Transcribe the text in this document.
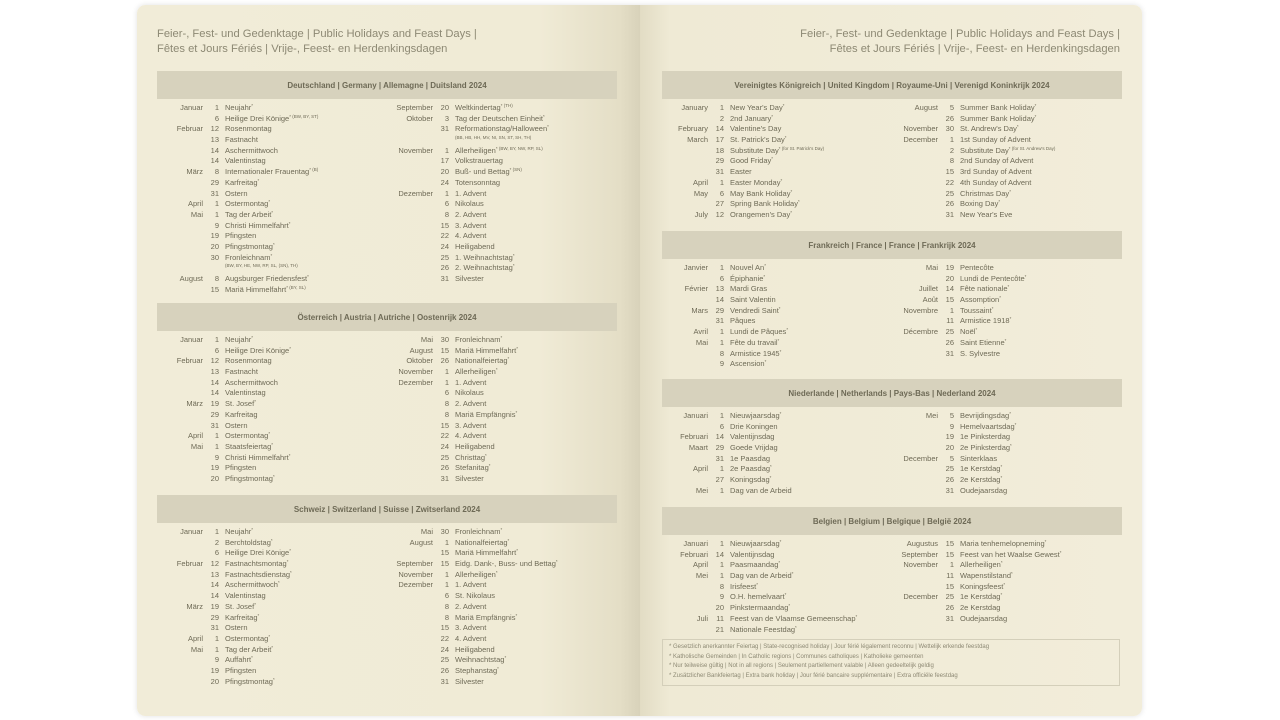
Feier-, Fest- und Gedenktage | Public Holidays and Feast Days |
Fêtes et Jours Fériés | Vrije-, Feest- en Herdenkingsdagen
Deutschland | Germany | Allemagne | Duitsland 2024
Januar	1 Neujahr*
6 Heilige Drei Könige$^{* (BW, BY, ST)}$
Februar	12 Rosenmontag
13 Fastnacht
14 Aschermittwoch
14 Valentinstag
März	8 Internationaler Frauentag$^{* (B)}$
29 Karfreitag*
31 Ostern
April	1 Ostermontag*
Mai	1 Tag der Arbeit*
9 Christi Himmelfahrt*
19 Pfingsten
20 Pfingstmontag*
30 Fronleichnam*
$^{(BW, BY, HE, NW, RP, SL, (SN), TH)}$
August	8 Augsburger Friedensfest*
15 Mariä Himmelfahrt$^{* (BY, SL)}$
September	20 Weltkindertag$^{* (TH)}$
Oktober	3 Tag der Deutschen Einheit*
31 Reformationstag/Halloween*
$^{(BB, HB, HH, MV, NI, SN, ST, SH, TH)}$
November	1 Allerheiligen$^{* (BW, BY, NW, RP, SL)}$
17 Volkstrauertag
20 Buß- und Bettag$^{* (SN)}$
24 Totensonntag
Dezember	1 1. Advent
6 Nikolaus
8 2. Advent
15 3. Advent
22 4. Advent
24 Heiligabend
25 1. Weihnachtstag*
26 2. Weihnachtstag*
31 Silvester
Österreich | Austria | Autriche | Oostenrijk 2024
Januar	1 Neujahr*
6 Heilige Drei Könige*
Februar	12 Rosenmontag
13 Fastnacht
14 Aschermittwoch
14 Valentinstag
März	19 St. Josef*
29 Karfreitag
31 Ostern
April	1 Ostermontag*
Mai	1 Staatsfeiertag*
9 Christi Himmelfahrt*
19 Pfingsten
20 Pfingstmontag*
Mai	30 Fronleichnam*
August	15 Mariä Himmelfahrt*
Oktober	26 Nationalfeiertag*
November	1 Allerheiligen*
Dezember	1 1. Advent
6 Nikolaus
8 2. Advent
8 Mariä Empfängnis*
15 3. Advent
22 4. Advent
24 Heiligabend
25 Christtag*
26 Stefanitag*
31 Silvester
Schweiz | Switzerland | Suisse | Zwitserland 2024
Januar	1 Neujahr*
2 Berchtoldstag*
6 Heilige Drei Könige*
Februar	12 Fastnachtsmontag*
13 Fastnachtsdienstag*
14 Aschermittwoch*
14 Valentinstag
März	19 St. Josef*
29 Karfreitag*
31 Ostern
April	1 Ostermontag*
Mai	1 Tag der Arbeit*
9 Auffahrt*
19 Pfingsten
20 Pfingstmontag*
Mai	30 Fronleichnam*
August	1 Nationalfeiertag*
15 Mariä Himmelfahrt*
September	15 Eidg. Dank-, Buss- und Bettag*
November	1 Allerheiligen*
Dezember	1 1. Advent
6 St. Nikolaus
8 2. Advent
8 Mariä Empfängnis*
15 3. Advent
22 4. Advent
24 Heiligabend
25 Weihnachtstag*
26 Stephanstag*
31 Silvester
Feier-, Fest- und Gedenktage | Public Holidays and Feast Days |
Fêtes et Jours Fériés | Vrije-, Feest- en Herdenkingsdagen
Vereinigtes Königreich | United Kingdom | Royaume-Uni | Verenigd Koninkrijk 2024
January	1 New Year's Day*
2 2nd January*
February	14 Valentine's Day
March	17 St. Patrick's Day*
18 Substitute Day$^{* (for St. Patrick's Day)}$
29 Good Friday*
31 Easter
April	1 Easter Monday*
May	6 May Bank Holiday*
27 Spring Bank Holiday*
July	12 Orangemen's Day*
August	5 Summer Bank Holiday*
26 Summer Bank Holiday*
November	30 St. Andrew's Day*
December	1 1st Sunday of Advent
2 Substitute Day$^{* (for St. Andrew's Day)}$
8 2nd Sunday of Advent
15 3rd Sunday of Advent
22 4th Sunday of Advent
25 Christmas Day*
26 Boxing Day*
31 New Year's Eve
Frankreich | France | France | Frankrijk 2024
Janvier	1 Nouvel An*
6 Épiphanie*
Février	13 Mardi Gras
14 Saint Valentin
Mars	29 Vendredi Saint*
31 Pâques
Avril	1 Lundi de Pâques*
Mai	1 Fête du travail*
8 Armistice 1945*
9 Ascension*
Mai	19 Pentecôte
20 Lundi de Pentecôte*
Juillet	14 Fête nationale*
Août	15 Assomption*
Novembre	1 Toussaint*
11 Armistice 1918*
Décembre	25 Noël*
26 Saint Etienne*
31 S. Sylvestre
Niederlande | Netherlands | Pays-Bas | Nederland 2024
Januari	1 Nieuwjaarsdag*
6 Drie Koningen
Februari	14 Valentijnsdag
Maart	29 Goede Vrijdag
31 1e Paasdag
April	1 2e Paasdag*
27 Koningsdag*
Mei	1 Dag van de Arbeid
Mei	5 Bevrijdingsdag*
9 Hemelvaartsdag*
19 1e Pinksterdag
20 2e Pinksterdag*
December	5 Sinterklaas
25 1e Kerstdag*
26 2e Kerstdag*
31 Oudejaarsdag
Belgien | Belgium | Belgique | België 2024
Januari	1 Nieuwjaarsdag*
Februari	14 Valentijnsdag
April	1 Paasmaandag*
Mei	1 Dag van de Arbeid*
8 Irisfeest*
9 O.H. hemelvaart*
20 Pinkstermaandag*
Juli	11 Feest van de Vlaamse Gemeenschap*
21 Nationale Feestdag*
Augustus	15 Maria tenhemelopneming*
September	15 Feest van het Waalse Gewest*
November	1 Allerheiligen*
11 Wapenstilstand*
15 Koningsfeest*
December	25 1e Kerstdag*
26 2e Kerstdag
31 Oudejaarsdag
* Gesetzlich anerkannter Feiertag | State-recognised holiday | Jour férié légalement reconnu | Wettelijk erkende feestdag
* Katholische Gemeinden | In Catholic regions | Communes catholiques | Katholieke gemeenten
* Nur teilweise gültig | Not in all regions | Seulement partiellement valable | Alleen gedeeltelijk geldig
* Zusätzlicher Bankfeiertag | Extra bank holiday | Jour férié bancaire supplémentaire | Extra officiële feestdag
